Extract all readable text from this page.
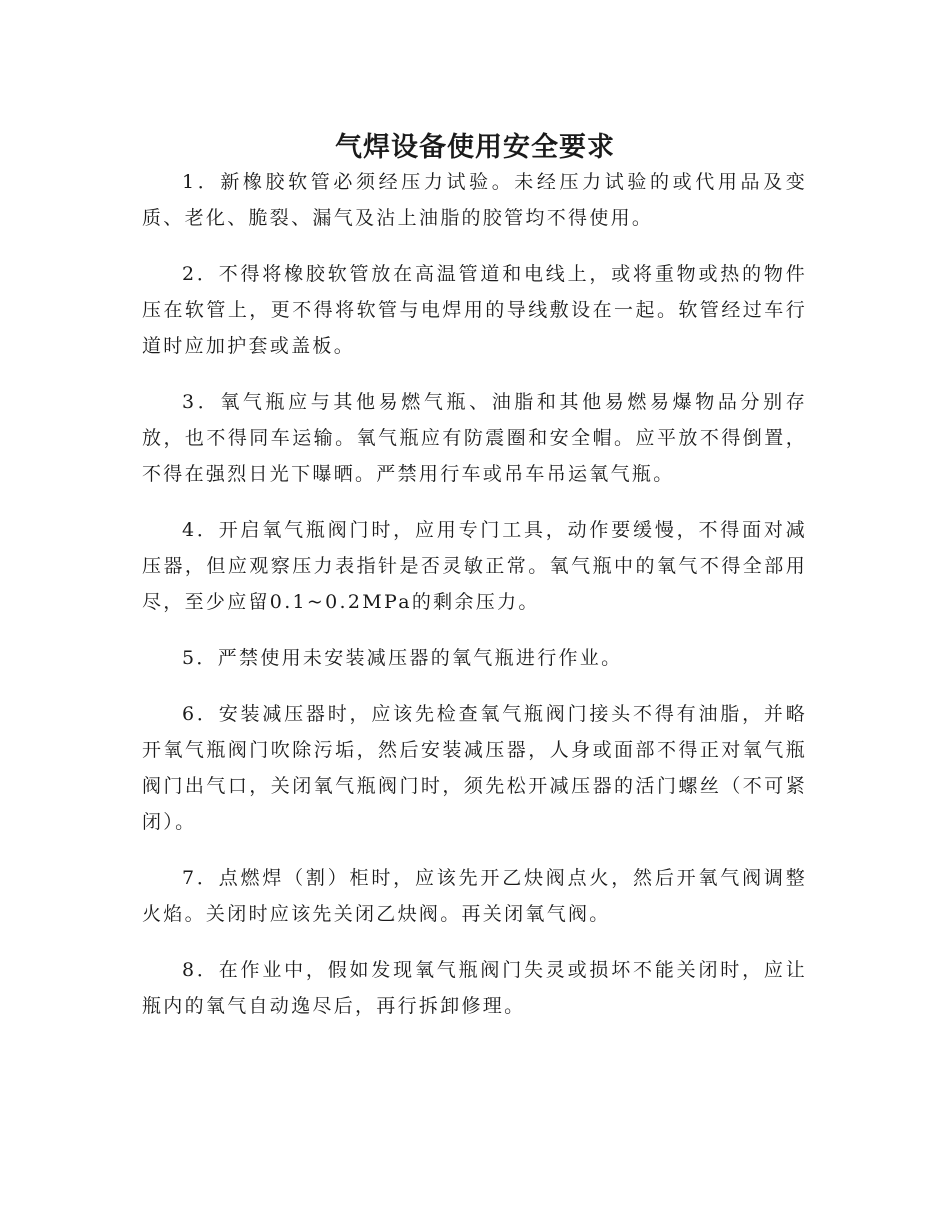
气焊设备使用安全要求

1．新橡胶软管必须经压力试验。未经压力试验的或代用品及变质、老化、脆裂、漏气及沾上油脂的胶管均不得使用。

2．不得将橡胶软管放在高温管道和电线上，或将重物或热的物件压在软管上，更不得将软管与电焊用的导线敷设在一起。软管经过车行道时应加护套或盖板。

3．氧气瓶应与其他易燃气瓶、油脂和其他易燃易爆物品分别存放，也不得同车运输。氧气瓶应有防震圈和安全帽。应平放不得倒置，不得在强烈日光下曝晒。严禁用行车或吊车吊运氧气瓶。

4．开启氧气瓶阀门时，应用专门工具，动作要缓慢，不得面对减压器，但应观察压力表指针是否灵敏正常。氧气瓶中的氧气不得全部用尽，至少应留0.1~0.2MPa的剩余压力。

5．严禁使用未安装减压器的氧气瓶进行作业。

6．安装减压器时，应该先检查氧气瓶阀门接头不得有油脂，并略开氧气瓶阀门吹除污垢，然后安装减压器，人身或面部不得正对氧气瓶阀门出气口，关闭氧气瓶阀门时，须先松开减压器的活门螺丝（不可紧闭）。

7．点燃焊（割）柜时，应该先开乙炔阀点火，然后开氧气阀调整火焰。关闭时应该先关闭乙炔阀。再关闭氧气阀。

8．在作业中，假如发现氧气瓶阀门失灵或损坏不能关闭时，应让瓶内的氧气自动逸尽后，再行拆卸修理。
